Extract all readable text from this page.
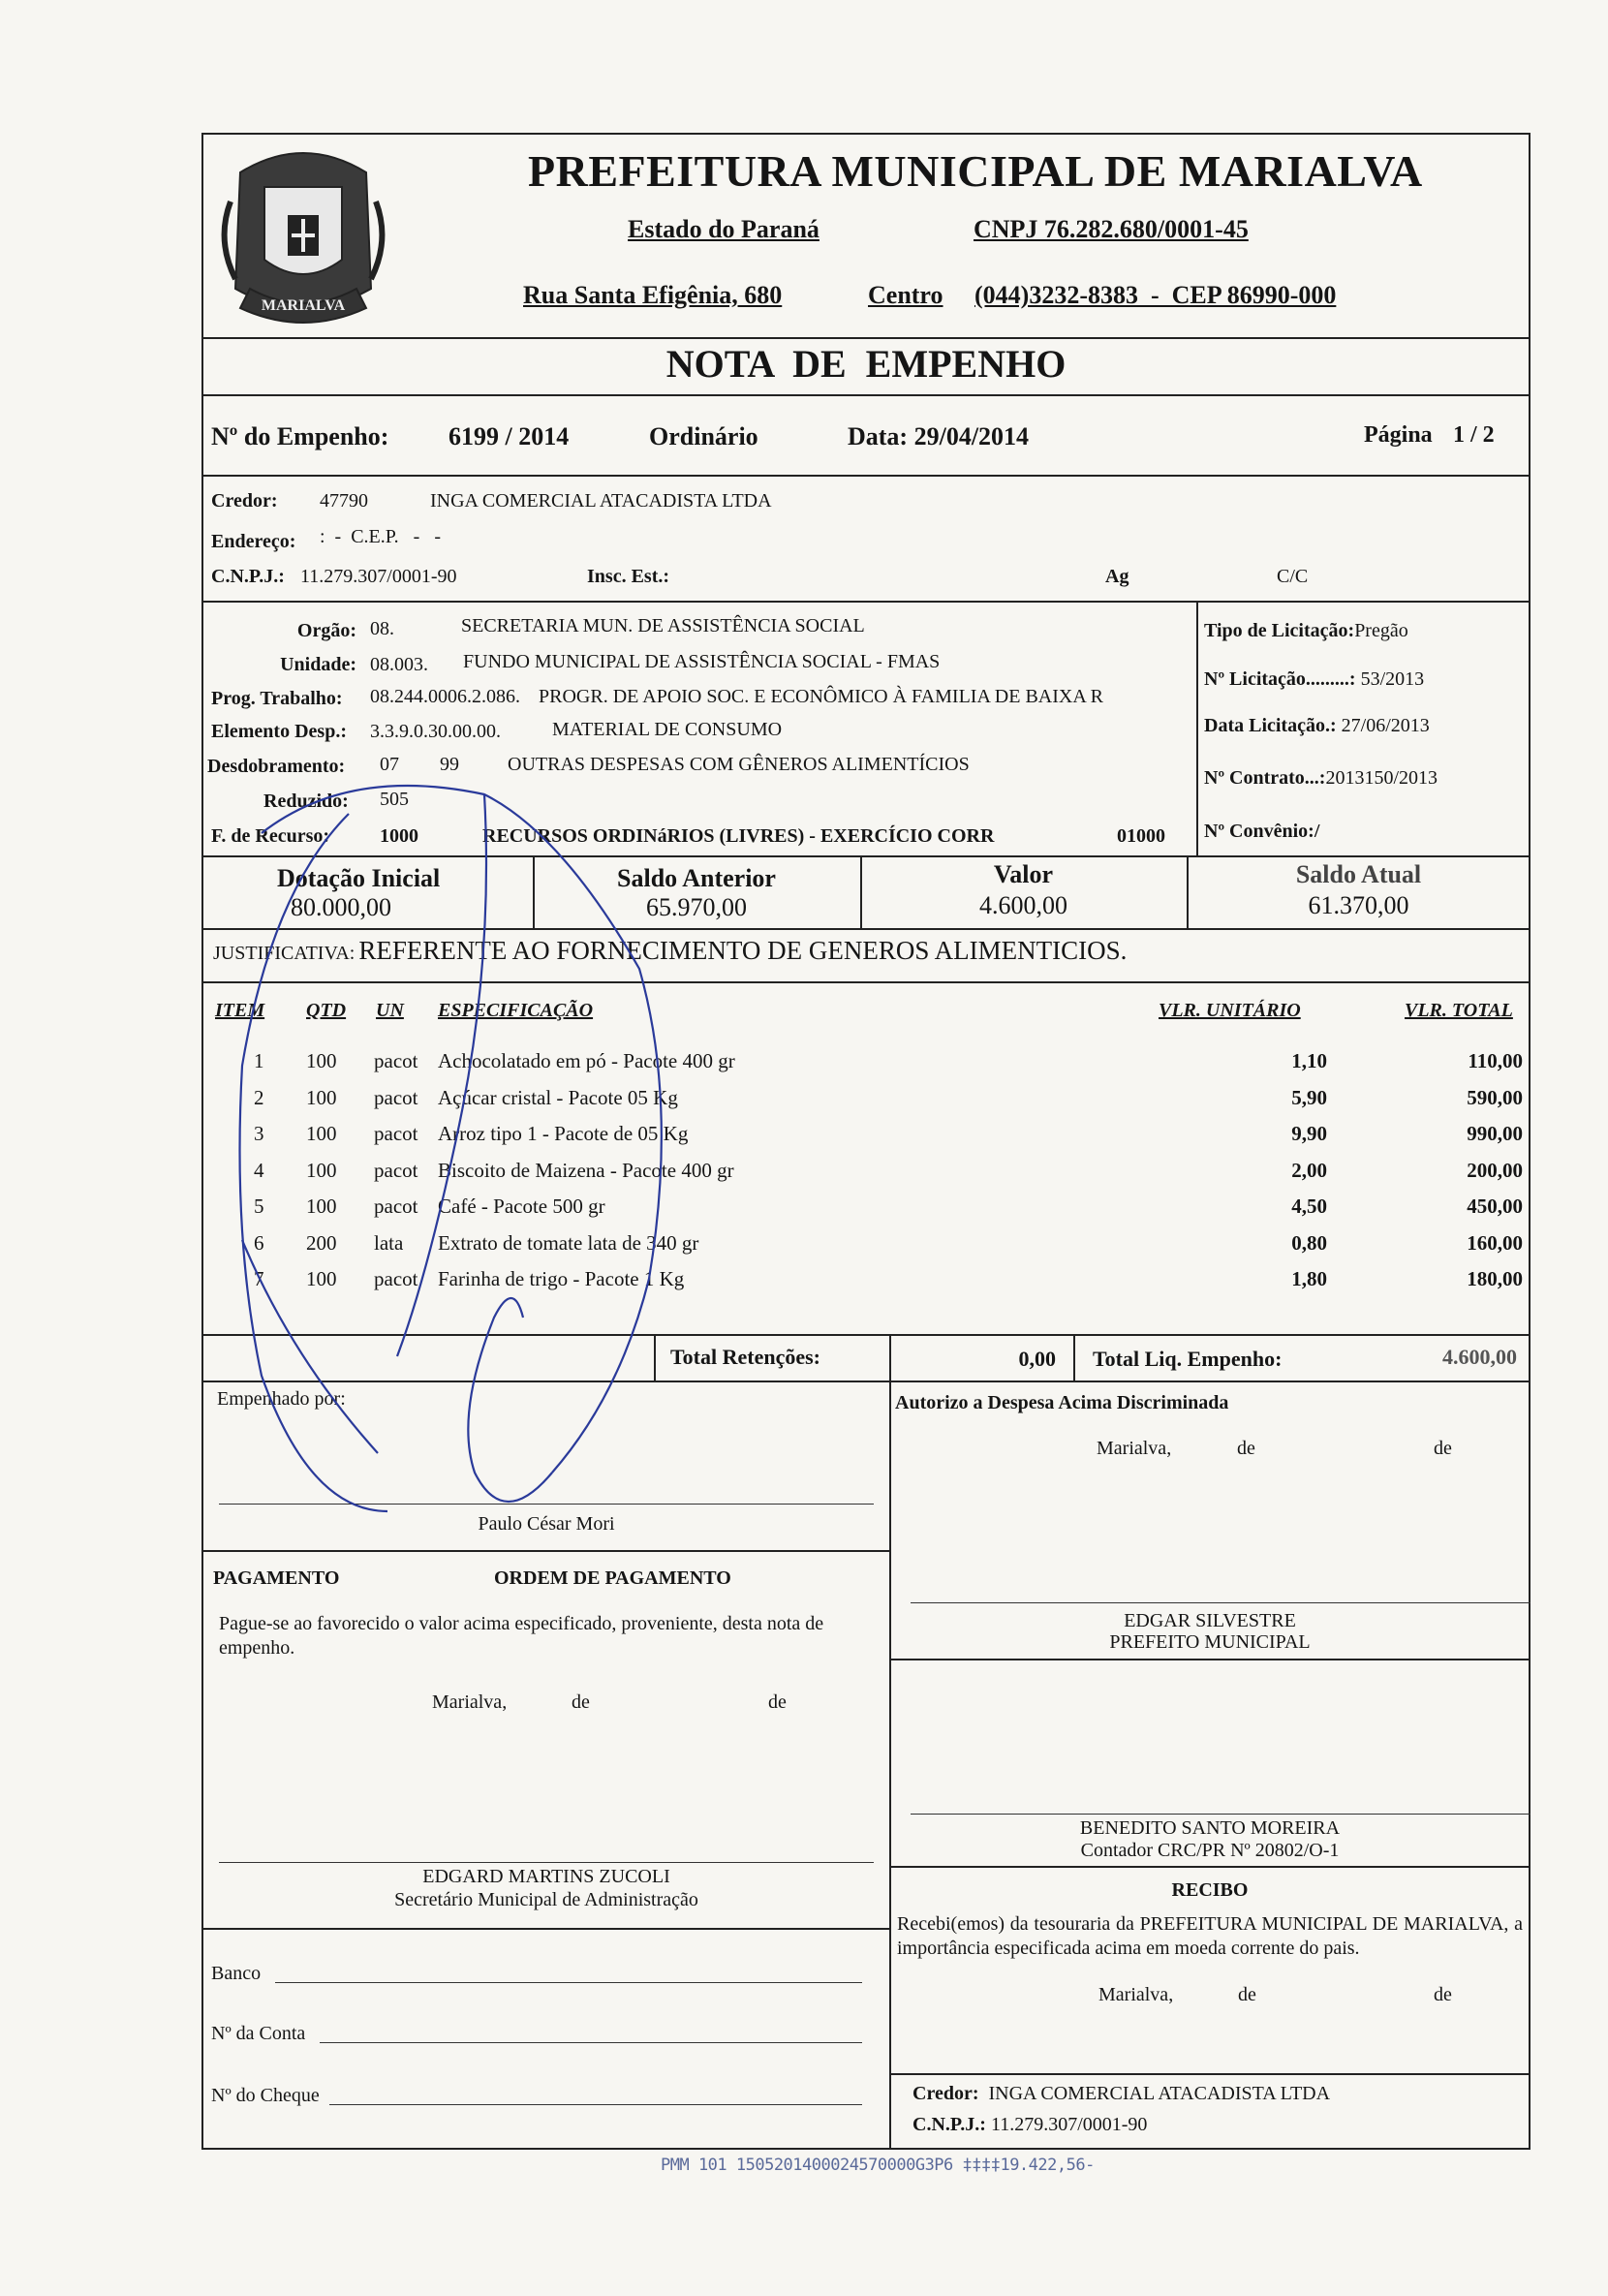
MARIALVA
PREFEITURA MUNICIPAL DE MARIALVA
Estado do Paraná	CNPJ 76.282.680/0001-45
Rua Santa Efigênia, 680	Centro (044)3232-8383  -  CEP 86990-000
NOTA  DE  EMPENHO
Nº do Empenho: 6199 / 2014	Ordinário	Data: 29/04/2014	Página 1 / 2
Credor: 47790	INGA COMERCIAL ATACADISTA LTDA
Endereço: :  -  C.E.P.   -   -
C.N.P.J.: 11.279.307/0001-90	Insc. Est.:	Ag	C/C
Orgão: 08.	SECRETARIA MUN. DE ASSISTÊNCIA SOCIAL
Unidade: 08.003. FUNDO MUNICIPAL DE ASSISTÊNCIA SOCIAL - FMAS
Prog. Trabalho: 08.244.0006.2.086. PROGR. DE APOIO SOC. E ECONÔMICO À FAMILIA DE BAIXA R
Elemento Desp.: 3.3.9.0.30.00.00.	MATERIAL DE CONSUMO
Desdobramento: 07 99	OUTRAS DESPESAS COM GÊNEROS ALIMENTÍCIOS
Reduzido: 505
F. de Recurso:	1000	RECURSOS ORDINáRIOS (LIVRES) - EXERCÍCIO CORR	01000
Tipo de Licitação:Pregão
Nº Licitação.........: 53/2013
Data Licitação.: 27/06/2013
Nº Contrato...:2013150/2013
Nº Convênio:/
Dotação Inicial
80.000,00
Saldo Anterior
65.970,00
Valor
4.600,00
Saldo Atual
61.370,00
JUSTIFICATIVA: REFERENTE AO FORNECIMENTO DE GENEROS ALIMENTICIOS.
ITEM QTD UN ESPECIFICAÇÃO	VLR. UNITÁRIO	VLR. TOTAL
1 100 pacot Achocolatado em pó - Pacote 400 gr	1,10	110,00
2 100 pacot Açúcar cristal - Pacote 05 Kg	5,90	590,00
3 100 pacot Arroz tipo 1 - Pacote de 05 Kg	9,90	990,00
4 100 pacot Biscoito de Maizena - Pacote 400 gr	2,00	200,00
5 100 pacot Café - Pacote 500 gr	4,50	450,00
6 200 lata Extrato de tomate lata de 340 gr	0,80	160,00
7 100 pacot Farinha de trigo - Pacote 1 Kg	1,80	180,00
Total Retenções:	0,00 Total Liq. Empenho:	4.600,00
Empenhado por:
Paulo César Mori
Autorizo a Despesa Acima Discriminada
Marialva,	de	de
PAGAMENTO	ORDEM DE PAGAMENTO
Pague-se ao favorecido o valor acima especificado, proveniente, desta nota de empenho.
Marialva,	de	de
EDGAR SILVESTRE
PREFEITO MUNICIPAL
BENEDITO SANTO MOREIRA
Contador CRC/PR Nº 20802/O-1
EDGARD MARTINS ZUCOLI
Secretário Municipal de Administração	RECIBO
Recebi(emos) da tesouraria da PREFEITURA MUNICIPAL DE MARIALVA, a importância especificada acima em moeda corrente do pais.
Marialva,	de	de
Credor: INGA COMERCIAL ATACADISTA LTDA
C.N.P.J.: 11.279.307/0001-90
Banco
Nº da Conta
Nº do Cheque
PMM 101 1505201400024570000G3P6 ‡‡‡‡19.422,56-
